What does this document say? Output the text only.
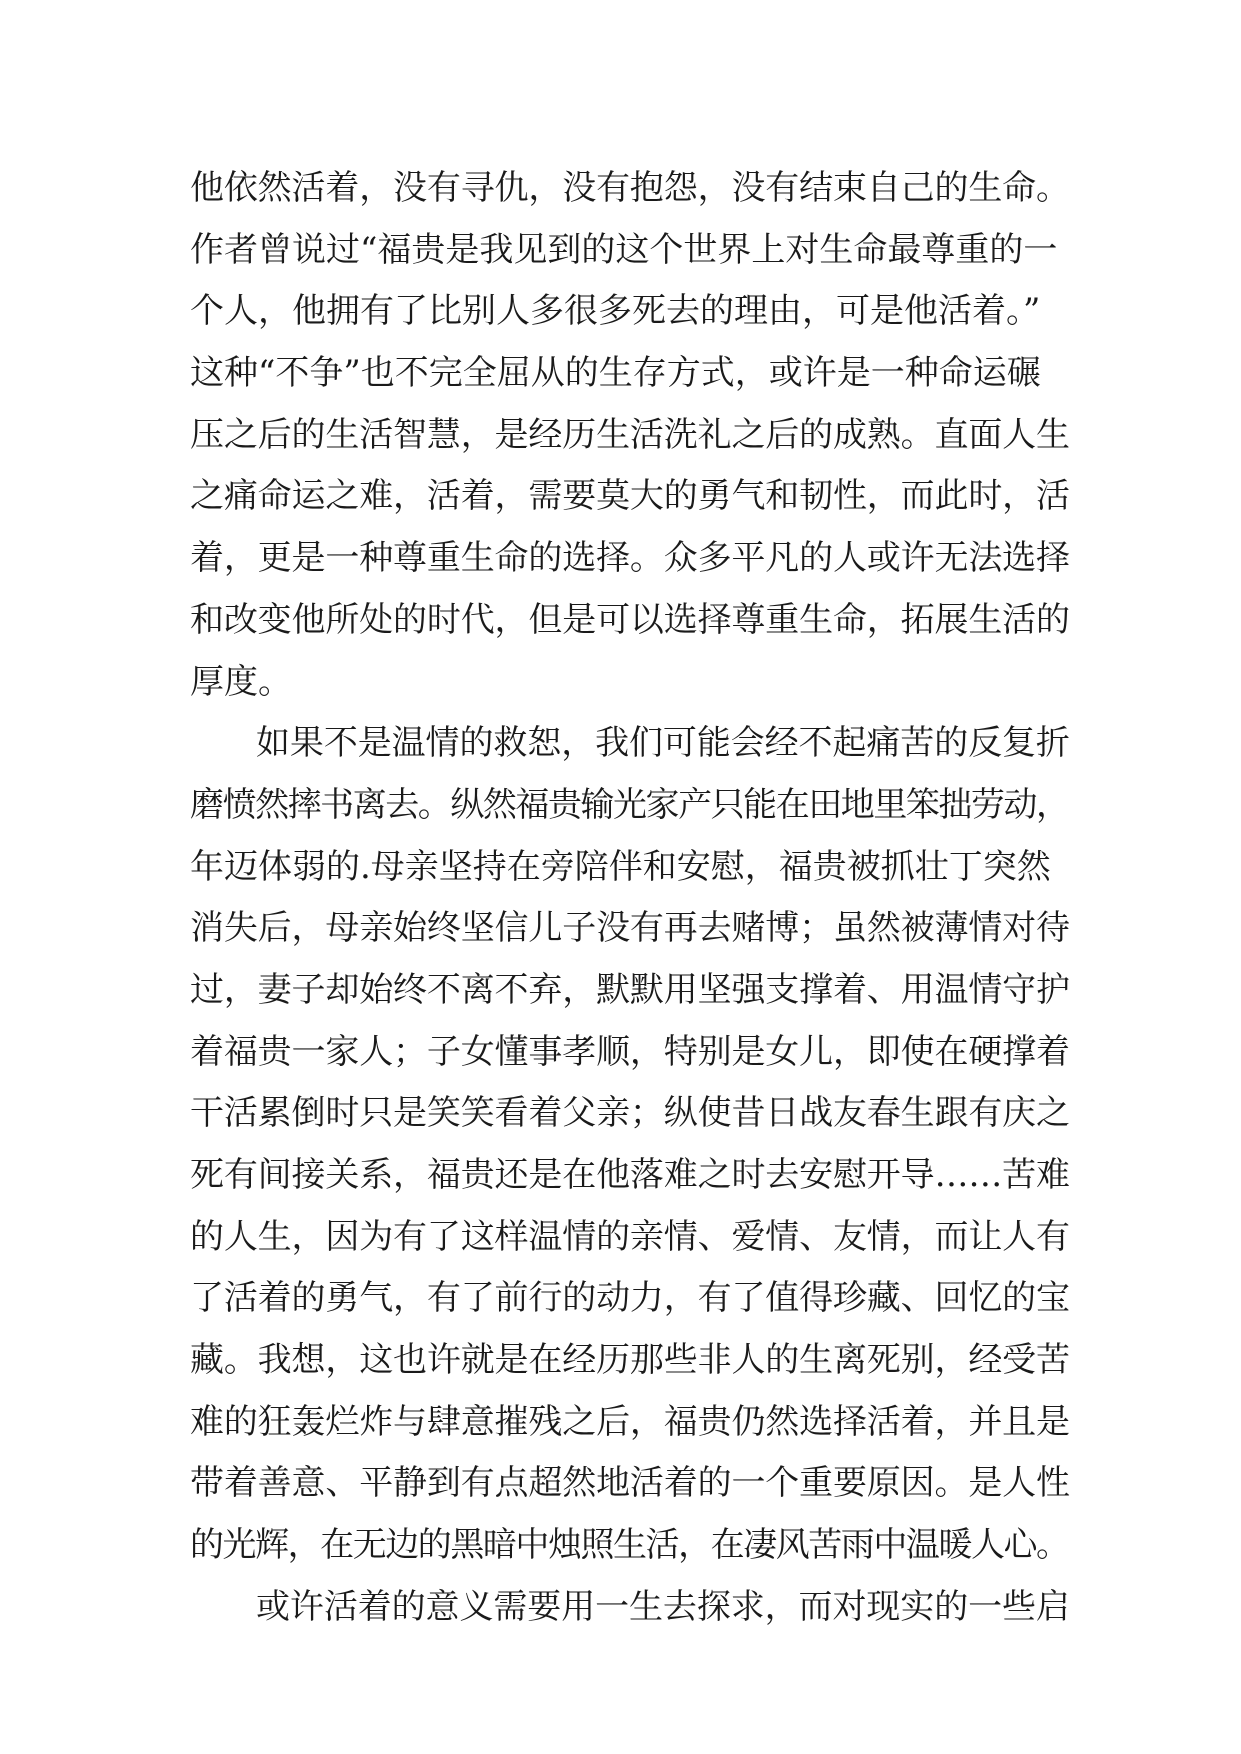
他依然活着，没有寻仇，没有抱怨，没有结束自己的生命。
作者曾说过“福贵是我见到的这个世界上对生命最尊重的一
个人，他拥有了比别人多很多死去的理由，可是他活着。”
这种“不争”也不完全屈从的生存方式，或许是一种命运碾
压之后的生活智慧，是经历生活洗礼之后的成熟。直面人生
之痛命运之难，活着，需要莫大的勇气和韧性，而此时，活
着，更是一种尊重生命的选择。众多平凡的人或许无法选择
和改变他所处的时代，但是可以选择尊重生命，拓展生活的
厚度。
如果不是温情的救恕，我们可能会经不起痛苦的反复折
磨愤然摔书离去。纵然福贵输光家产只能在田地里笨拙劳动，
年迈体弱的.母亲坚持在旁陪伴和安慰，福贵被抓壮丁突然
消失后，母亲始终坚信儿子没有再去赌博；虽然被薄情对待
过，妻子却始终不离不弃，默默用坚强支撑着、用温情守护
着福贵一家人；子女懂事孝顺，特别是女儿，即使在硬撑着
干活累倒时只是笑笑看着父亲；纵使昔日战友春生跟有庆之
死有间接关系，福贵还是在他落难之时去安慰开导……苦难
的人生，因为有了这样温情的亲情、爱情、友情，而让人有
了活着的勇气，有了前行的动力，有了值得珍藏、回忆的宝
藏。我想，这也许就是在经历那些非人的生离死别，经受苦
难的狂轰烂炸与肆意摧残之后，福贵仍然选择活着，并且是
带着善意、平静到有点超然地活着的一个重要原因。是人性
的光辉，在无边的黑暗中烛照生活，在凄风苦雨中温暖人心。
或许活着的意义需要用一生去探求，而对现实的一些启
